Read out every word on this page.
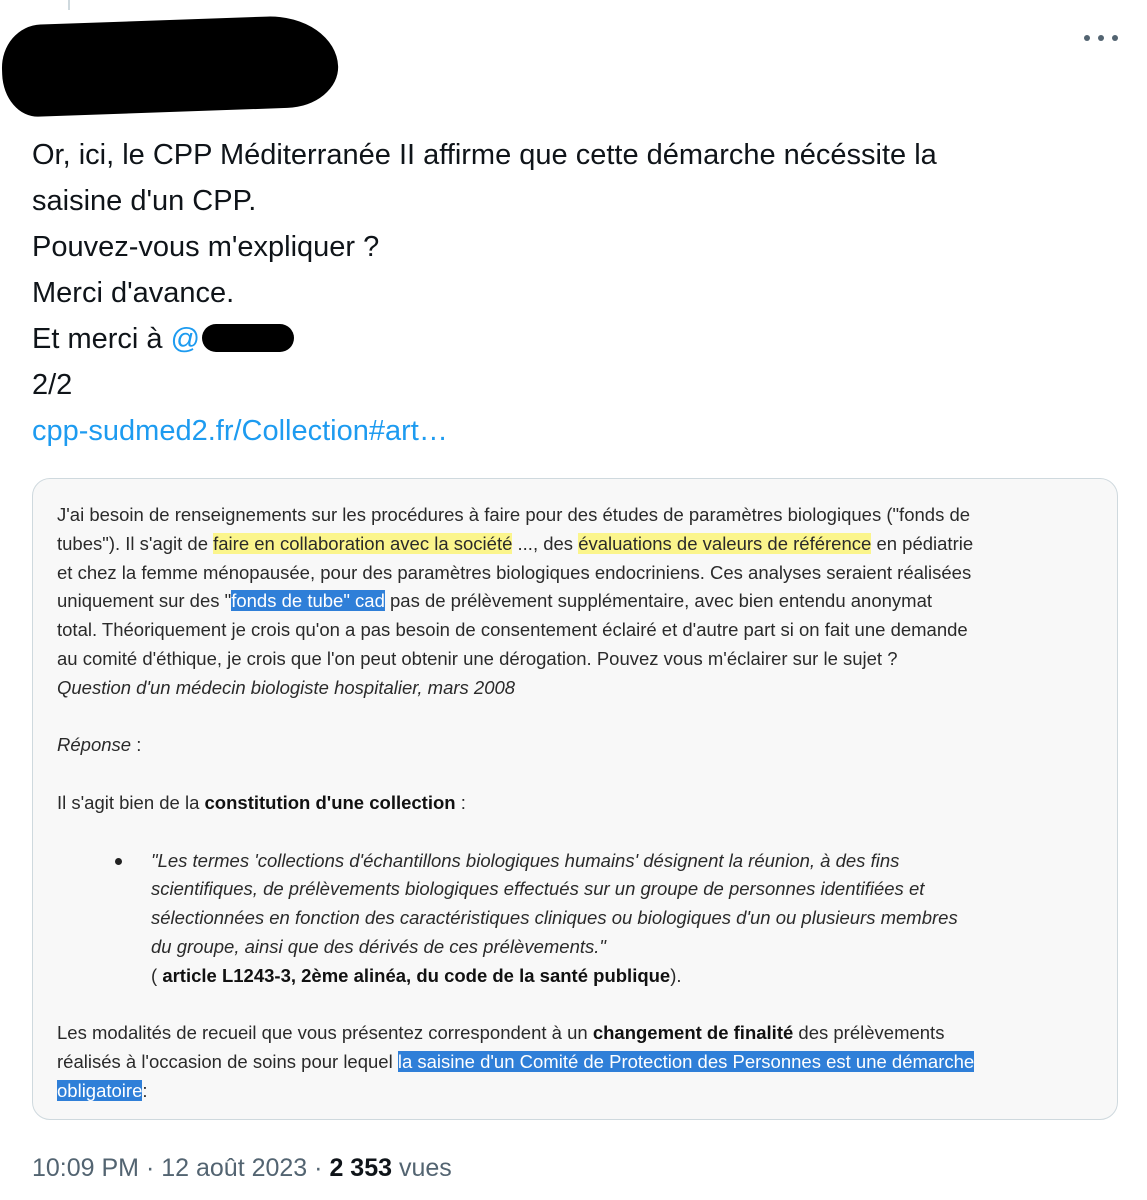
Or, ici, le CPP Méditerranée II affirme que cette démarche nécéssite la
saisine d'un CPP.
Pouvez-vous m'expliquer ?
Merci d'avance.
Et merci à @
2/2
cpp-sudmed2.fr/Collection#art…

J'ai besoin de renseignements sur les procédures à faire pour des études de paramètres biologiques ("fonds de

tubes"). Il s'agit de faire en collaboration avec la société ..., des évaluations de valeurs de référence en pédiatrie

et chez la femme ménopausée, pour des paramètres biologiques endocriniens. Ces analyses seraient réalisées

uniquement sur des "fonds de tube" cad pas de prélèvement supplémentaire, avec bien entendu anonymat

total. Théoriquement je crois qu'on a pas besoin de consentement éclairé et d'autre part si on fait une demande

au comité d'éthique, je crois que l'on peut obtenir une dérogation. Pouvez vous m'éclairer sur le sujet ?

Question d'un médecin biologiste hospitalier, mars 2008

Réponse :

Il s'agit bien de la constitution d'une collection :

"Les termes 'collections d'échantillons biologiques humains' désignent la réunion, à des fins

scientifiques, de prélèvements biologiques effectués sur un groupe de personnes identifiées et

sélectionnées en fonction des caractéristiques cliniques ou biologiques d'un ou plusieurs membres

du groupe, ainsi que des dérivés de ces prélèvements."

( article L1243-3, 2ème alinéa, du code de la santé publique).

Les modalités de recueil que vous présentez correspondent à un changement de finalité des prélèvements

réalisés à l'occasion de soins pour lequel la saisine d'un Comité de Protection des Personnes est une démarche

obligatoire:

10:09 PM · 12 août 2023 · 2 353 vues
